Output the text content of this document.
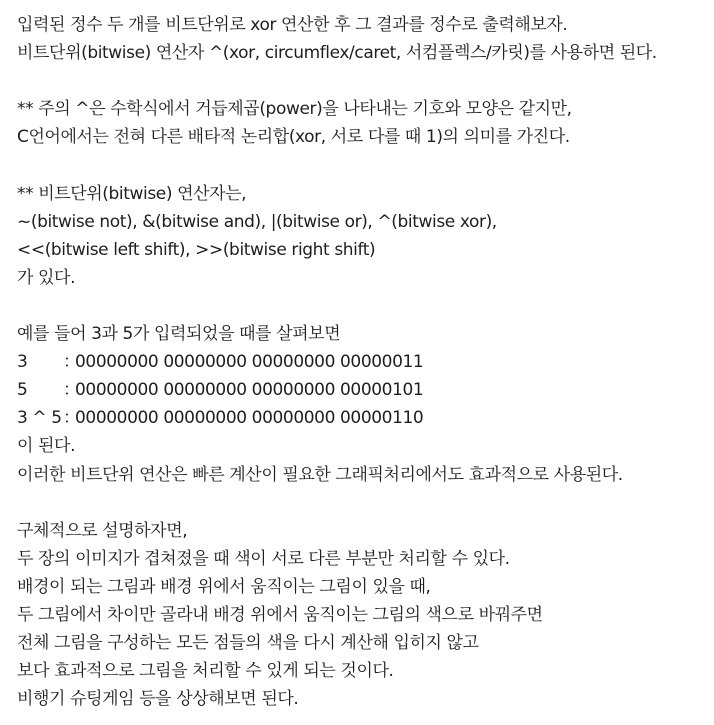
입력된 정수 두 개를 비트단위로 xor 연산한 후 그 결과를 정수로 출력해보자.
비트단위(bitwise) 연산자 ^(xor, circumflex/caret, 서컴플렉스/카릿)를 사용하면 된다.
** 주의 ^은 수학식에서 거듭제곱(power)을 나타내는 기호와 모양은 같지만,
C언어에서는 전혀 다른 배타적 논리합(xor, 서로 다를 때 1)의 의미를 가진다.
** 비트단위(bitwise) 연산자는,
~(bitwise not), &(bitwise and), |(bitwise or), ^(bitwise xor),
<<(bitwise left shift), >>(bitwise right shift)
가 있다.
예를 들어 3과 5가 입력되었을 때를 살펴보면
3	：
00000000 00000000 00000000 00000011
5	：
00000000 00000000 00000000 00000101
3 ^ 5 ：
00000000 00000000 00000000 00000110
이 된다.
이러한 비트단위 연산은 빠른 계산이 필요한 그래픽처리에서도 효과적으로 사용된다.
구체적으로 설명하자면,
두 장의 이미지가 겹쳐졌을 때 색이 서로 다른 부분만 처리할 수 있다.
배경이 되는 그림과 배경 위에서 움직이는 그림이 있을 때,
두 그림에서 차이만 골라내 배경 위에서 움직이는 그림의 색으로 바꿔주면
전체 그림을 구성하는 모든 점들의 색을 다시 계산해 입히지 않고
보다 효과적으로 그림을 처리할 수 있게 되는 것이다.
비행기 슈팅게임 등을 상상해보면 된다.
